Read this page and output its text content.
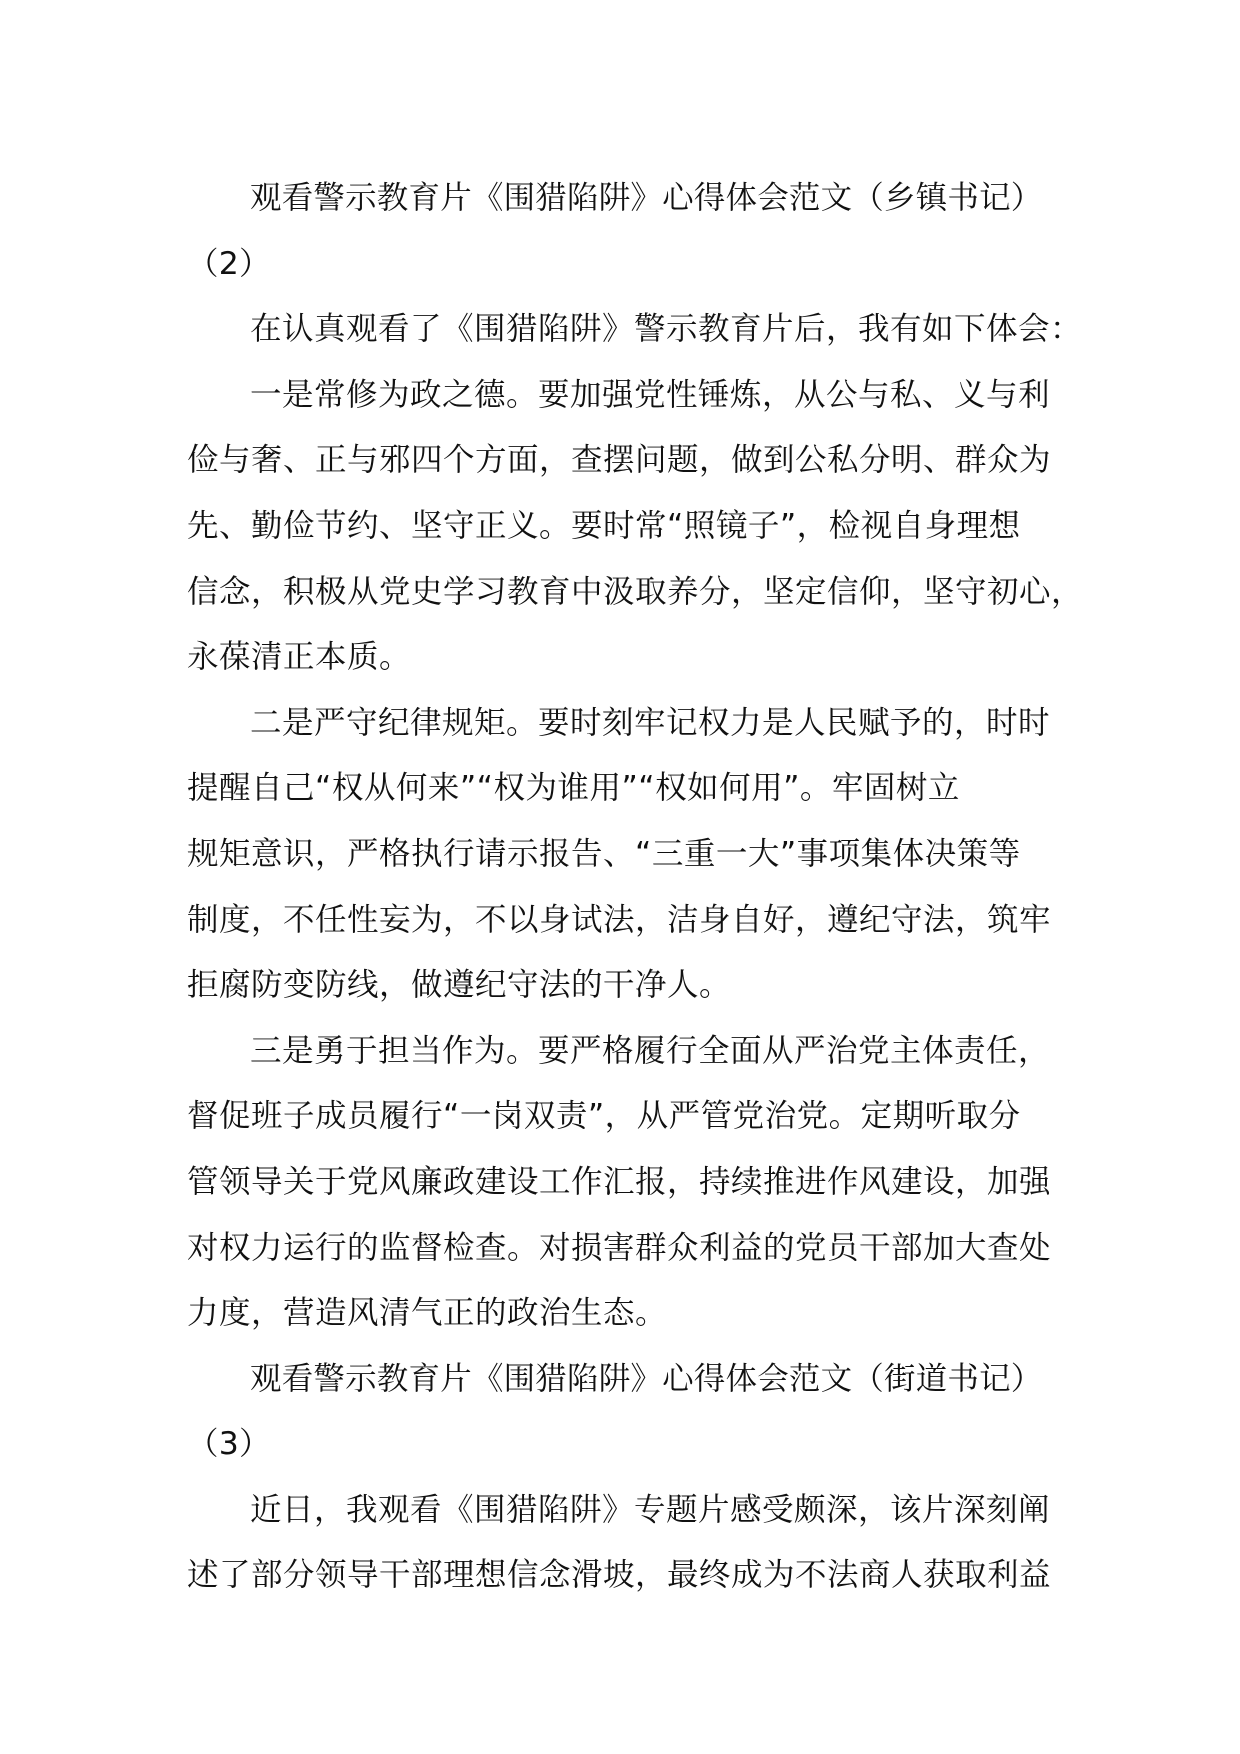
观看警示教育片《围猎陷阱》心得体会范文（乡镇书记）
（2）
在认真观看了《围猎陷阱》警示教育片后，我有如下体会：
一是常修为政之德。要加强党性锤炼，从公与私、义与利
俭与奢、正与邪四个方面，查摆问题，做到公私分明、群众为
先、勤俭节约、坚守正义。要时常“照镜子”，检视自身理想
信念，积极从党史学习教育中汲取养分，坚定信仰，坚守初心，
永葆清正本质。
二是严守纪律规矩。要时刻牢记权力是人民赋予的，时时
提醒自己“权从何来”“权为谁用”“权如何用”。牢固树立
规矩意识，严格执行请示报告、“三重一大”事项集体决策等
制度，不任性妄为，不以身试法，洁身自好，遵纪守法，筑牢
拒腐防变防线，做遵纪守法的干净人。
三是勇于担当作为。要严格履行全面从严治党主体责任，
督促班子成员履行“一岗双责”，从严管党治党。定期听取分
管领导关于党风廉政建设工作汇报，持续推进作风建设，加强
对权力运行的监督检查。对损害群众利益的党员干部加大查处
力度，营造风清气正的政治生态。
观看警示教育片《围猎陷阱》心得体会范文（街道书记）
（3）
近日，我观看《围猎陷阱》专题片感受颇深，该片深刻阐
述了部分领导干部理想信念滑坡，最终成为不法商人获取利益
